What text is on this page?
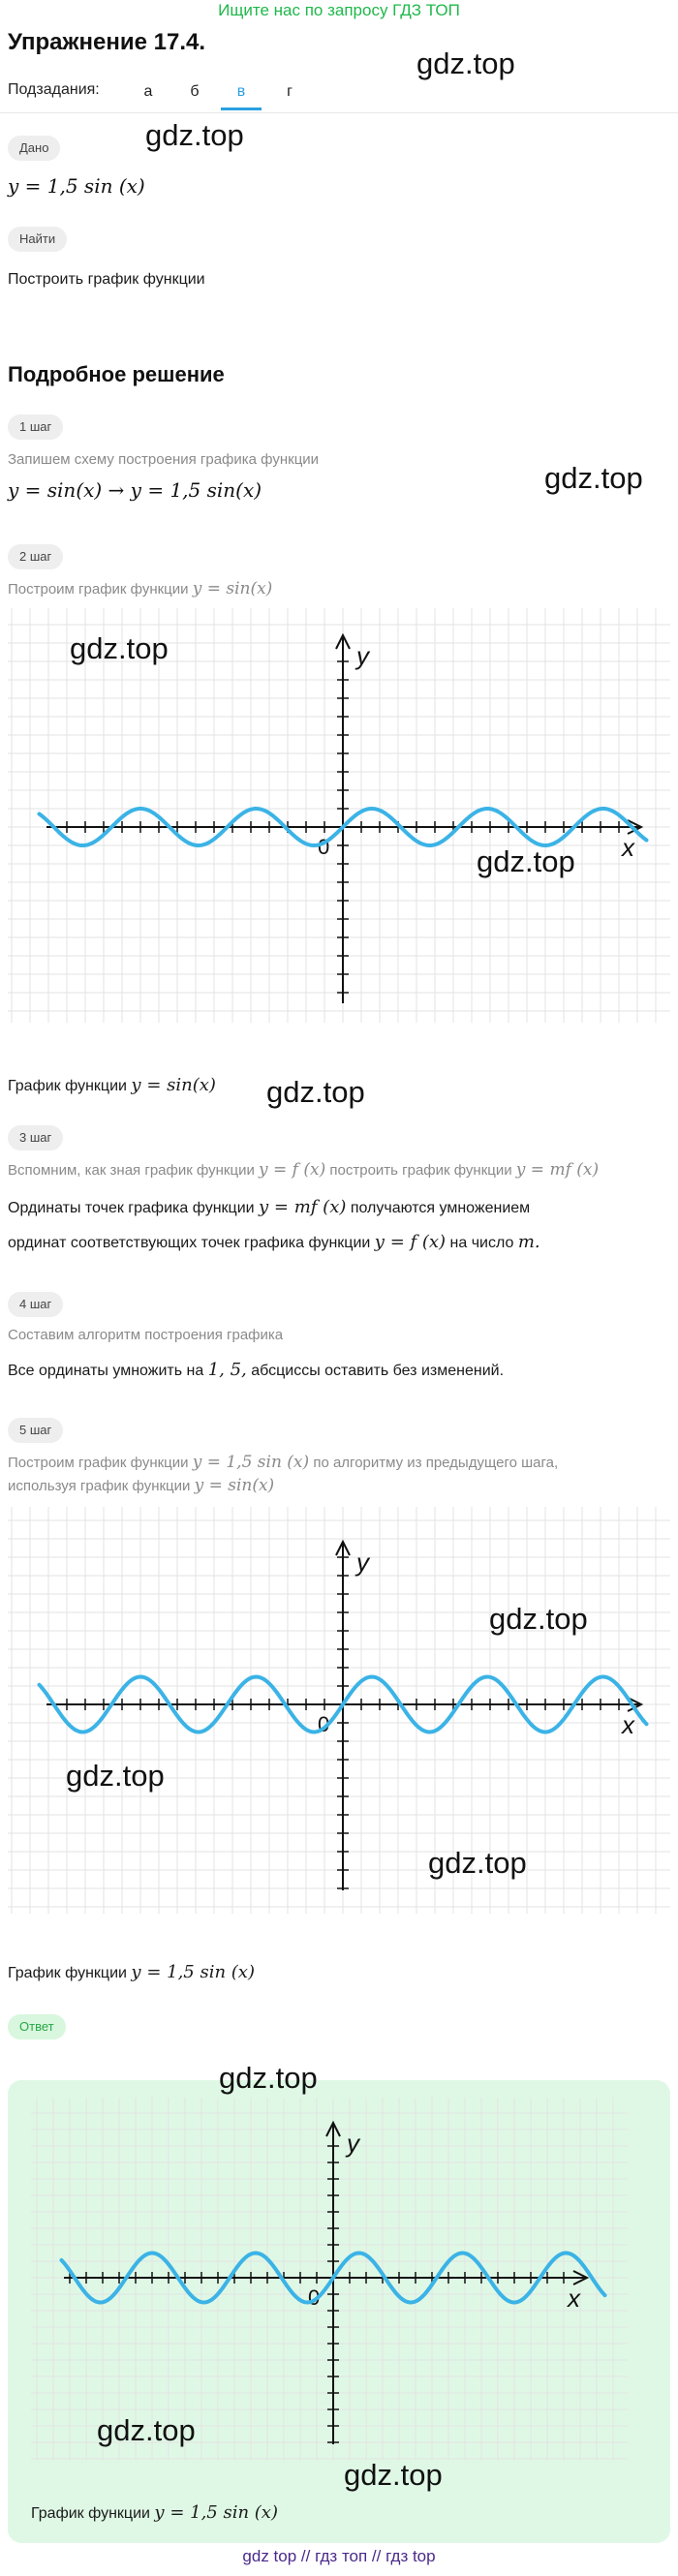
Ищите нас по запросу ГДЗ ТОП
Упражнение 17.4.
gdz.top
gdz.top
gdz.top
Подзадания:	а	б	в	г
Дано
y = 1,5 sin (x)
Найти
Построить график функции
Подробное решение
1 шаг
Запишем схему построения графика функции
y = sin(x) → y = 1,5 sin(x)
2 шаг
Построим график функции y = sin(x)
x
y
0
gdz.top
gdz.top
График функции y = sin(x) gdz.top
3 шаг
Вспомним, как зная график функции y = f (x) построить график функции y = mf (x)
Ординаты точек графика функции y = mf (x) получаются умножением
ординат соответствующих точек графика функции y = f (x) на число m.
4 шаг
Составим алгоритм построения графика
Все ординаты умножить на 1, 5, абсциссы оставить без изменений.
5 шаг
Построим график функции y = 1,5 sin (x) по алгоритму из предыдущего шага,
используя график функции y = sin(x)
x
y
0
gdz.top
gdz.top
gdz.top
График функции y = 1,5 sin (x)
Ответ
x
y
0
gdz.top
gdz.top
gdz.top
График функции y = 1,5 sin (x)
gdz top // гдз топ // гдз top
